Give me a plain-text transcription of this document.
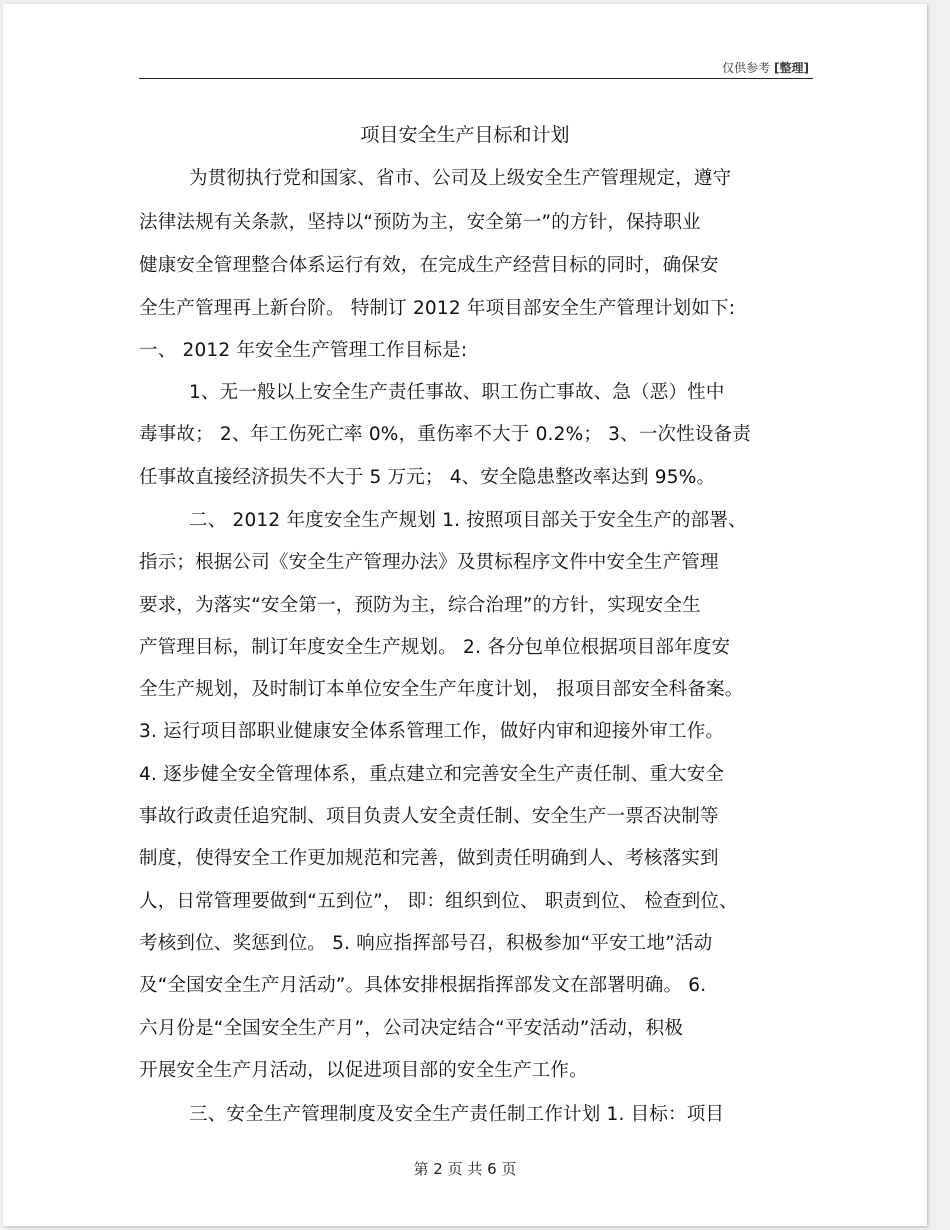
仅供参考 [整理]
项目安全生产目标和计划
为贯彻执行党和国家、省市、公司及上级安全生产管理规定，遵守
法律法规有关条款，坚持以“预防为主，安全第一”的方针，保持职业
健康安全管理整合体系运行有效，在完成生产经营目标的同时，确保安
全生产管理再上新台阶。 特制订 2012 年项目部安全生产管理计划如下:
一、 2012 年安全生产管理工作目标是:
1、无一般以上安全生产责任事故、职工伤亡事故、急（恶）性中
毒事故； 2、年工伤死亡率 0%，重伤率不大于 0.2%； 3、一次性设备责
任事故直接经济损失不大于 5 万元； 4、安全隐患整改率达到 95%。
二、 2012 年度安全生产规划 1. 按照项目部关于安全生产的部署、
指示；根据公司《安全生产管理办法》及贯标程序文件中安全生产管理
要求，为落实“安全第一，预防为主，综合治理”的方针，实现安全生
产管理目标，制订年度安全生产规划。 2. 各分包单位根据项目部年度安
全生产规划，及时制订本单位安全生产年度计划， 报项目部安全科备案。
3. 运行项目部职业健康安全体系管理工作，做好内审和迎接外审工作。
4. 逐步健全安全管理体系，重点建立和完善安全生产责任制、重大安全
事故行政责任追究制、项目负责人安全责任制、安全生产一票否决制等
制度，使得安全工作更加规范和完善，做到责任明确到人、考核落实到
人，日常管理要做到“五到位”， 即：组织到位、 职责到位、 检查到位、
考核到位、奖惩到位。 5. 响应指挥部号召，积极参加“平安工地”活动
及“全国安全生产月活动”。具体安排根据指挥部发文在部署明确。 6.
六月份是“全国安全生产月”，公司决定结合“平安活动”活动，积极
开展安全生产月活动，以促进项目部的安全生产工作。
三、安全生产管理制度及安全生产责任制工作计划 1. 目标：项目
第 2 页 共 6 页
